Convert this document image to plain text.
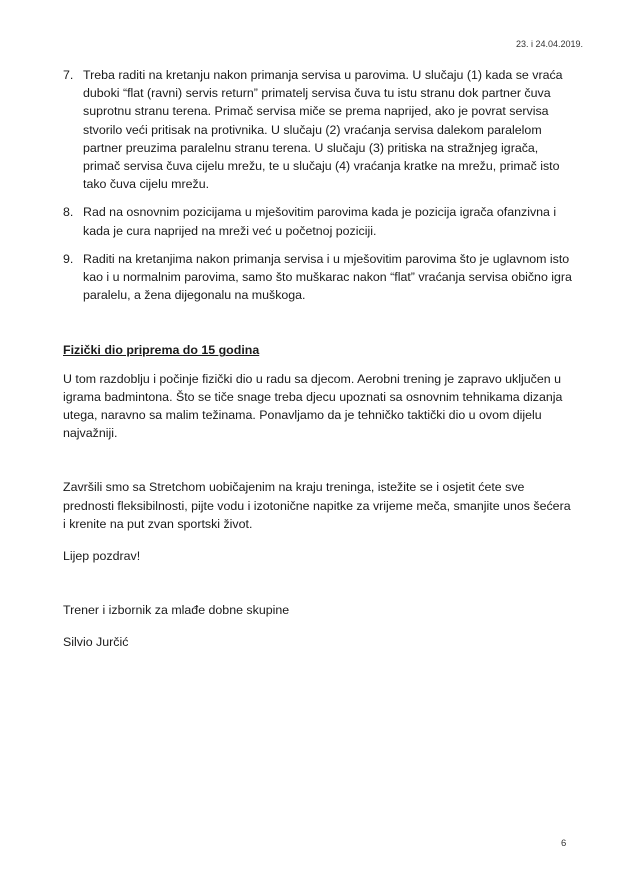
23. i 24.04.2019.
7. Treba raditi na kretanju nakon primanja servisa u parovima. U slučaju (1) kada se vraća duboki “flat (ravni) servis return” primatelj servisa čuva tu istu stranu dok partner čuva suprotnu stranu terena. Primač servisa miče se prema naprijed, ako je povrat servisa stvorilo veći pritisak na protivnika. U slučaju (2) vraćanja servisa dalekom paralelom partner preuzima paralelnu stranu terena. U slučaju (3) pritiska na stražnjeg igrača, primač servisa čuva cijelu mrežu, te u slučaju (4) vraćanja kratke na mrežu, primač isto tako čuva cijelu mrežu.
8. Rad na osnovnim pozicijama u mješovitim parovima kada je pozicija igrača ofanzivna i kada je cura naprijed na mreži već u početnoj poziciji.
9. Raditi na kretanjima nakon primanja servisa i u mješovitim parovima što je uglavnom isto kao i u normalnim parovima, samo što muškarac nakon “flat” vraćanja servisa obično igra paralelu, a žena dijegonalu na muškoga.
Fizički dio priprema do 15 godina

U tom razdoblju i počinje fizički dio u radu sa djecom. Aerobni trening je zapravo uključen u igrama badmintona. Što se tiče snage treba djecu upoznati sa osnovnim tehnikama dizanja utega, naravno sa malim težinama. Ponavljamo da je tehničko taktički dio u ovom dijelu najvažniji.

Završili smo sa Stretchom uobičajenim na kraju treninga, istežite se i osjetit ćete sve prednosti fleksibilnosti, pijte vodu i izotonične napitke za vrijeme meča, smanjite unos šećera i krenite na put zvan sportski život.

Lijep pozdrav!

Trener i izbornik za mlađe dobne skupine

Silvio Jurčić

6
